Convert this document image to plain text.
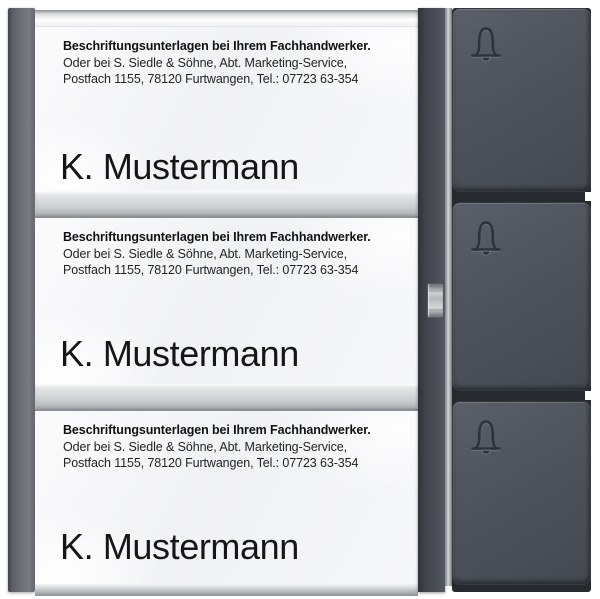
Beschriftungsunterlagen bei Ihrem Fachhandwerker.
Oder bei S. Siedle & Söhne, Abt. Marketing-Service,
Postfach 1155, 78120 Furtwangen, Tel.: 07723 63-354
K. Mustermann
Beschriftungsunterlagen bei Ihrem Fachhandwerker.
Oder bei S. Siedle & Söhne, Abt. Marketing-Service,
Postfach 1155, 78120 Furtwangen, Tel.: 07723 63-354
K. Mustermann
Beschriftungsunterlagen bei Ihrem Fachhandwerker.
Oder bei S. Siedle & Söhne, Abt. Marketing-Service,
Postfach 1155, 78120 Furtwangen, Tel.: 07723 63-354
K. Mustermann
